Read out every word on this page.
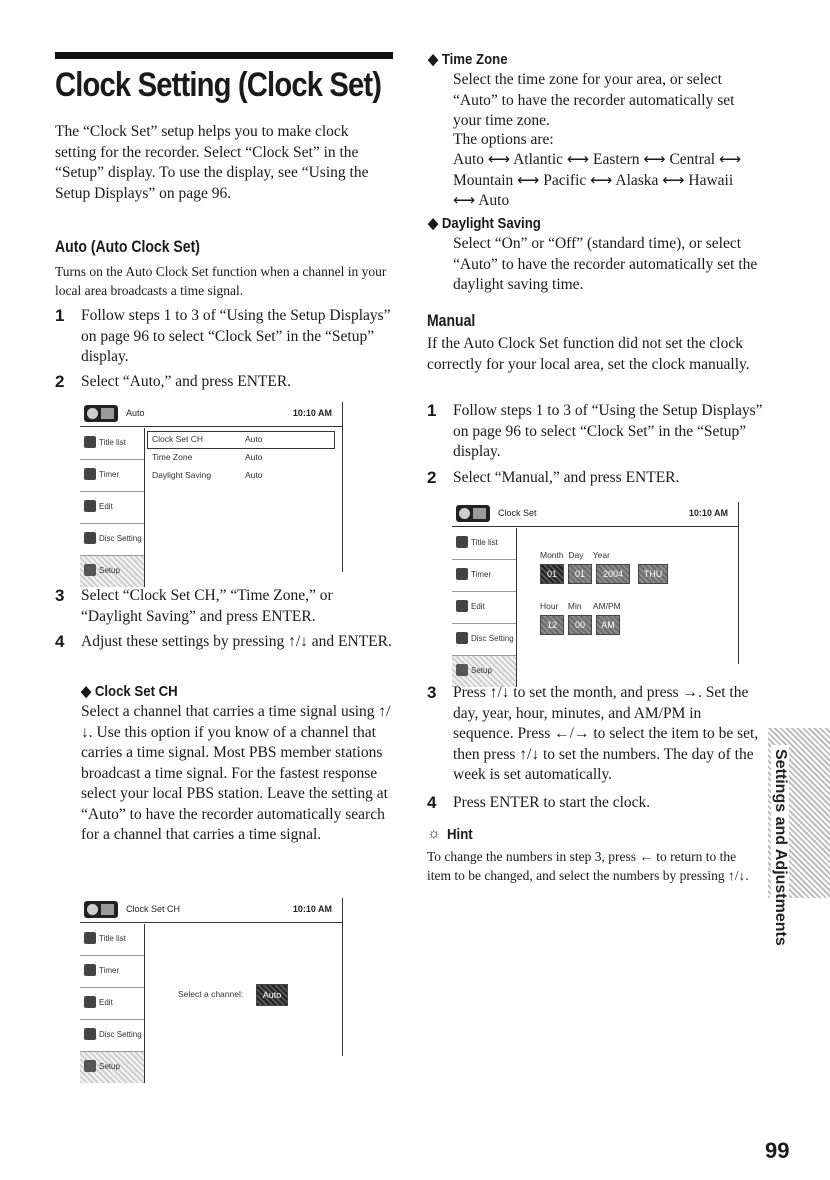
Clock Setting (Clock Set)

The “Clock Set” setup helps you to make clock setting for the recorder. Select “Clock Set” in the “Setup” display. To use the display, see “Using the Setup Displays” on page 96.

Auto (Auto Clock Set)

Turns on the Auto Clock Set function when a channel in your local area broadcasts a time signal.

1	Follow steps 1 to 3 of “Using the Setup Displays” on page 96 to select “Clock Set” in the “Setup” display.
2	Select “Auto,” and press ENTER.
Auto	10:10 AM
Title list
Timer
Edit
Disc Setting
Setup
Clock Set CH	Auto
Time Zone	Auto
Daylight Saving	Auto
3	Select “Clock Set CH,” “Time Zone,” or “Daylight Saving” and press ENTER.
4	Adjust these settings by pressing ↑/↓ and ENTER.
◆ Clock Set CH

Select a channel that carries a time signal using ↑/↓. Use this option if you know of a channel that carries a time signal. Most PBS member stations broadcast a time signal. For the fastest response select your local PBS station. Leave the setting at “Auto” to have the recorder automatically search for a channel that carries a time signal.

Clock Set CH	10:10 AM
Title list
Timer
Edit
Disc Setting
Setup
Select a channel:	Auto
◆ Time Zone

Select the time zone for your area, or select “Auto” to have the recorder automatically set your time zone.

The options are:

Auto ⟷ Atlantic ⟷ Eastern ⟷ Central ⟷ Mountain ⟷ Pacific ⟷ Alaska ⟷ Hawaii ⟷ Auto

◆ Daylight Saving

Select “On” or “Off” (standard time), or select “Auto” to have the recorder automatically set the daylight saving time.

Manual

If the Auto Clock Set function did not set the clock correctly for your local area, set the clock manually.

1	Follow steps 1 to 3 of “Using the Setup Displays” on page 96 to select “Clock Set” in the “Setup” display.
2	Select “Manual,” and press ENTER.
Clock Set	10:10 AM
Title list
Timer
Edit
Disc Setting
Setup
Month  Day    Year
01	01	2004	THU
Hour    Min     AM/PM
12	00	AM
3	Press ↑/↓ to set the month, and press →. Set the day, year, hour, minutes, and AM/PM in sequence. Press ←/→ to select the item to be set, then press ↑/↓ to set the numbers. The day of the week is set automatically.
4	Press ENTER to start the clock.
☼ Hint

To change the numbers in step 3, press ← to return to the item to be changed, and select the numbers by pressing ↑/↓.	Settings and Adjustments
99
